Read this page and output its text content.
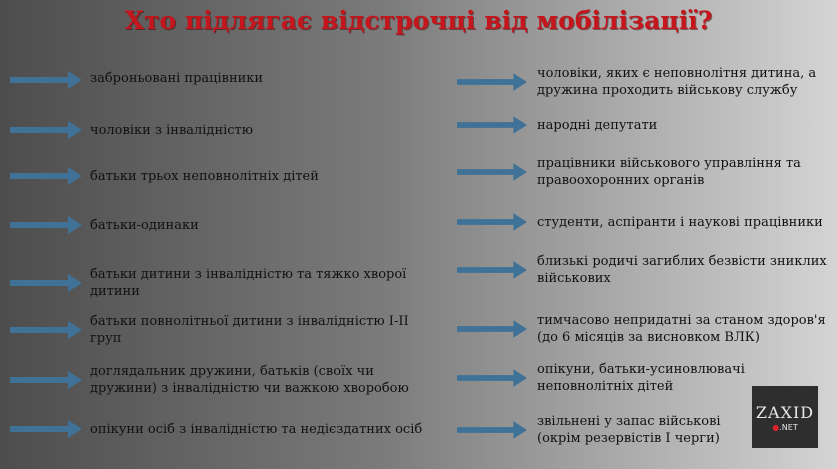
Хто підлягає відстрочці від мобілізації?
заброньовані працівники
чоловіки з інвалідністю
батьки трьох неповнолітніх дітей
батьки-одинаки
батьки дитини з інвалідністю та тяжко хворої дитини
батьки повнолітньої дитини з інвалідністю I-II груп
доглядальник дружини, батьків (своїх чи дружини) з інвалідністю чи важкою хворобою
опікуни осіб з інвалідністю та недієздатних осіб
чоловіки, яких є неповнолітня дитина, а дружина проходить військову службу
народні депутати
працівники військового управління та правоохоронних органів
студенти, аспіранти і наукові працівники
близькі родичі загиблих безвісти зниклих військових
тимчасово непридатні за станом здоров'я (до 6 місяців за висновком ВЛК)
опікуни, батьки-усиновлювачі неповнолітніх дітей
звільнені у запас військові (окрім резервістів I черги)
ZAXID
●.NET
